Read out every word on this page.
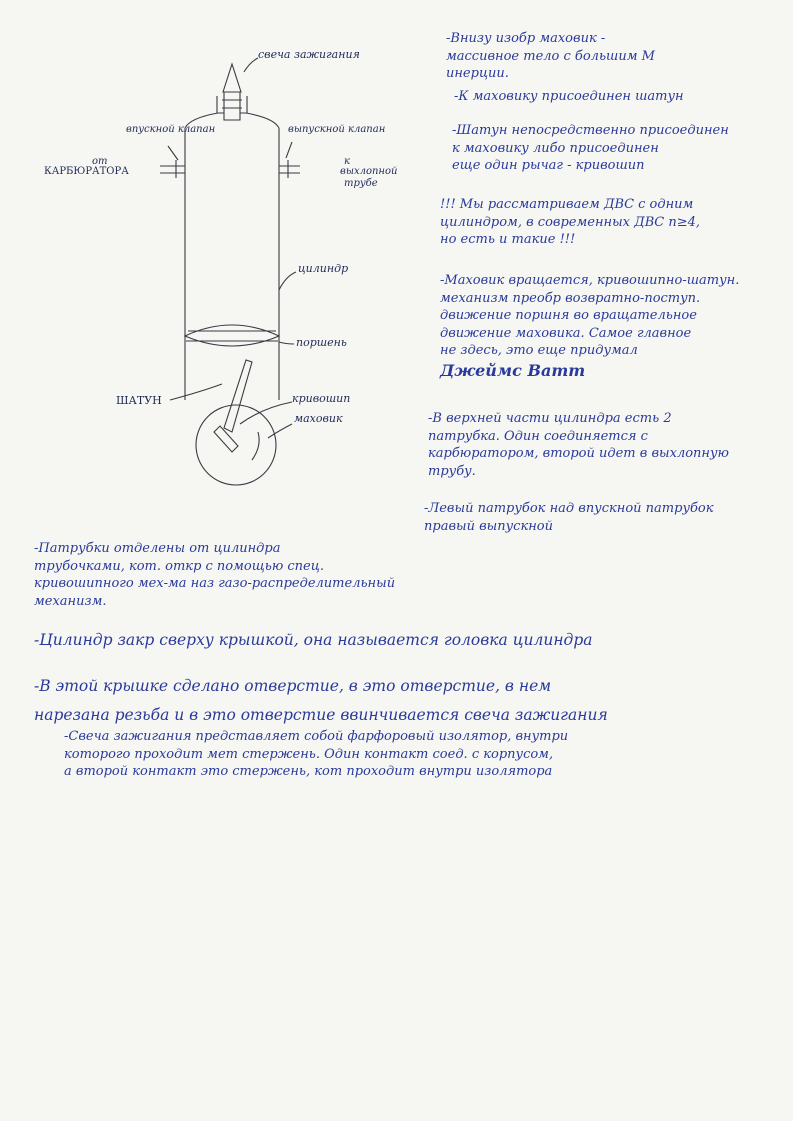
свеча зажигания
впускной клапан	выпускной клапан
от
КАРБЮРАТОРА
к
выхлопной
трубе
цилиндр
поршень
ШАТУН	кривошип
маховик
-Внизу изобр маховик -
массивное тело с большим М
инерции.
-К маховику присоединен шатун
-Шатун непосредственно присоединен
к маховику либо присоединен
еще один рычаг - кривошип
!!! Мы рассматриваем ДВС с одним
цилиндром, в современных ДВС n≥4,
но есть и такие !!!
-Маховик вращается, кривошипно-шатун.
механизм преобр возвратно-поступ.
движение поршня во вращательное
движение маховика. Самое главное
не здесь, это еще придумал
Джеймс Ватт
-В верхней части цилиндра есть 2
патрубка. Один соединяется с
карбюратором, второй идет в выхлопную
трубу.
-Левый патрубок над впускной патрубок
правый выпускной
-Патрубки отделены от цилиндра
трубочками, кот. откр с помощью спец.
кривошипного мех-ма наз газо-распределительный
механизм.
-Цилиндр закр сверху крышкой, она называется головка цилиндра
-В этой крышке сделано отверстие, в это отверстие, в нем
нарезана резьба и в это отверстие ввинчивается свеча зажигания
-Свеча зажигания представляет собой фарфоровый изолятор, внутри
которого проходит мет стержень. Один контакт соед. с корпусом,
а второй контакт это стержень, кот проходит внутри изолятора
